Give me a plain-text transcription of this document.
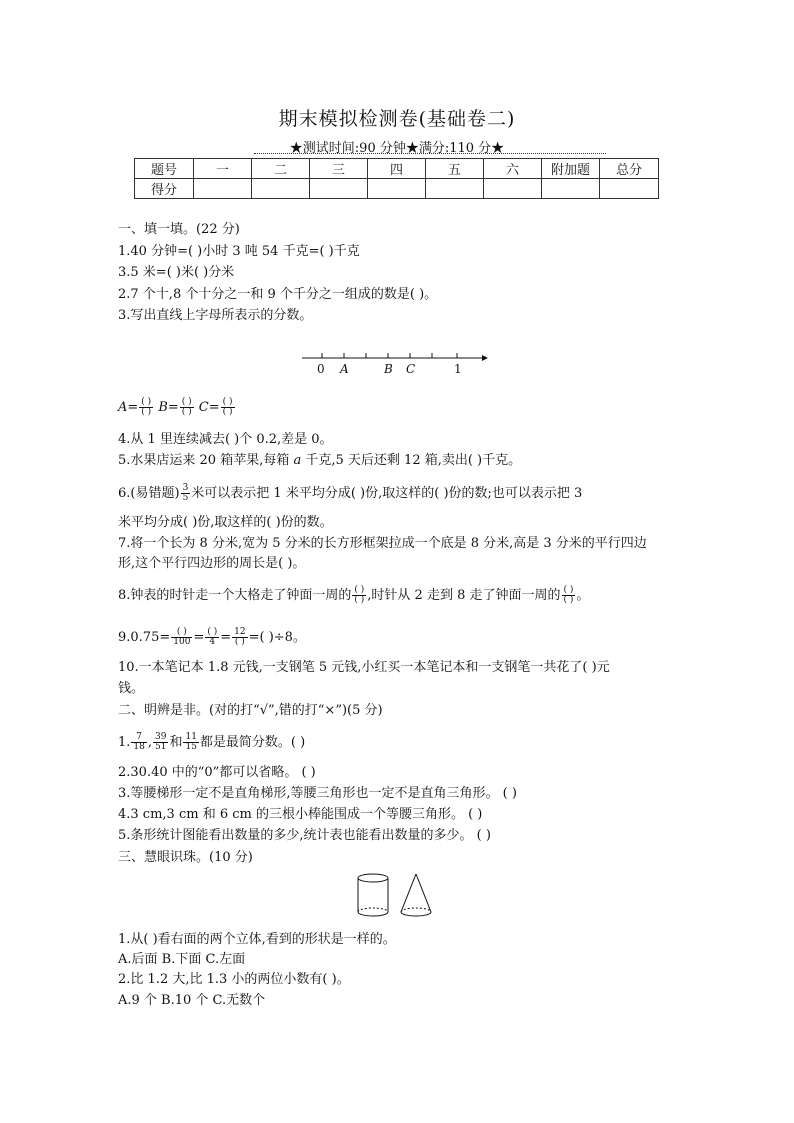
期末模拟检测卷(基础卷二)
★测试时间:90 分钟★满分:110 分★
题号	一	二	三	四	五	六	附加题	总分
得分								
一、填一填。(22 分)
1.40 分钟=( )小时 3 吨 54 千克=( )千克
3.5 米=( )米( )分米
2.7 个十,8 个十分之一和 9 个千分之一组成的数是( )。
3.写出直线上字母所表示的分数。
0 A	B C	1
$A= \frac{( )}{( )} B= \frac{( )}{( )} C= \frac{( )}{( )}$
4.从 1 里连续减去( )个 0.2,差是 0。
5.水果店运来 20 箱苹果,每箱 a 千克,5 天后还剩 12 箱,卖出( )千克。
6.(易错题) $\frac{3}{5}$ 米可以表示把 1 米平均分成( )份,取这样的( )份的数;也可以表示把 3
米平均分成( )份,取这样的( )份的数。
7.将一个长为 8 分米,宽为 5 分米的长方形框架拉成一个底是 8 分米,高是 3 分米的平行四边
形,这个平行四边形的周长是( )。
8.钟表的时针走一个大格走了钟面一周的 $\frac{( )}{( )}$ ,时针从 2 走到 8 走了钟面一周的 $\frac{( )}{( )}$ 。
$9.0.75= \frac{( )}{100} = \frac{( )}{4} = \frac{12}{( )}$ =( )÷8。
10.一本笔记本 1.8 元钱,一支钢笔 5 元钱,小红买一本笔记本和一支钢笔一共花了( )元
钱。
二、明辨是非。(对的打“√”,错的打“×”)(5 分)
1. $\frac{7}{18}$ , $\frac{39}{51}$ 和 $\frac{11}{15}$ 都是最简分数。( )
2.30.40 中的“0”都可以省略。 ( )
3.等腰梯形一定不是直角梯形,等腰三角形也一定不是直角三角形。 ( )
4.3 cm,3 cm 和 6 cm 的三根小棒能围成一个等腰三角形。 ( )
5.条形统计图能看出数量的多少,统计表也能看出数量的多少。 ( )
三、慧眼识珠。(10 分)
1.从( )看右面的两个立体,看到的形状是一样的。
A.后面 B.下面 C.左面
2.比 1.2 大,比 1.3 小的两位小数有( )。
A.9 个 B.10 个 C.无数个
